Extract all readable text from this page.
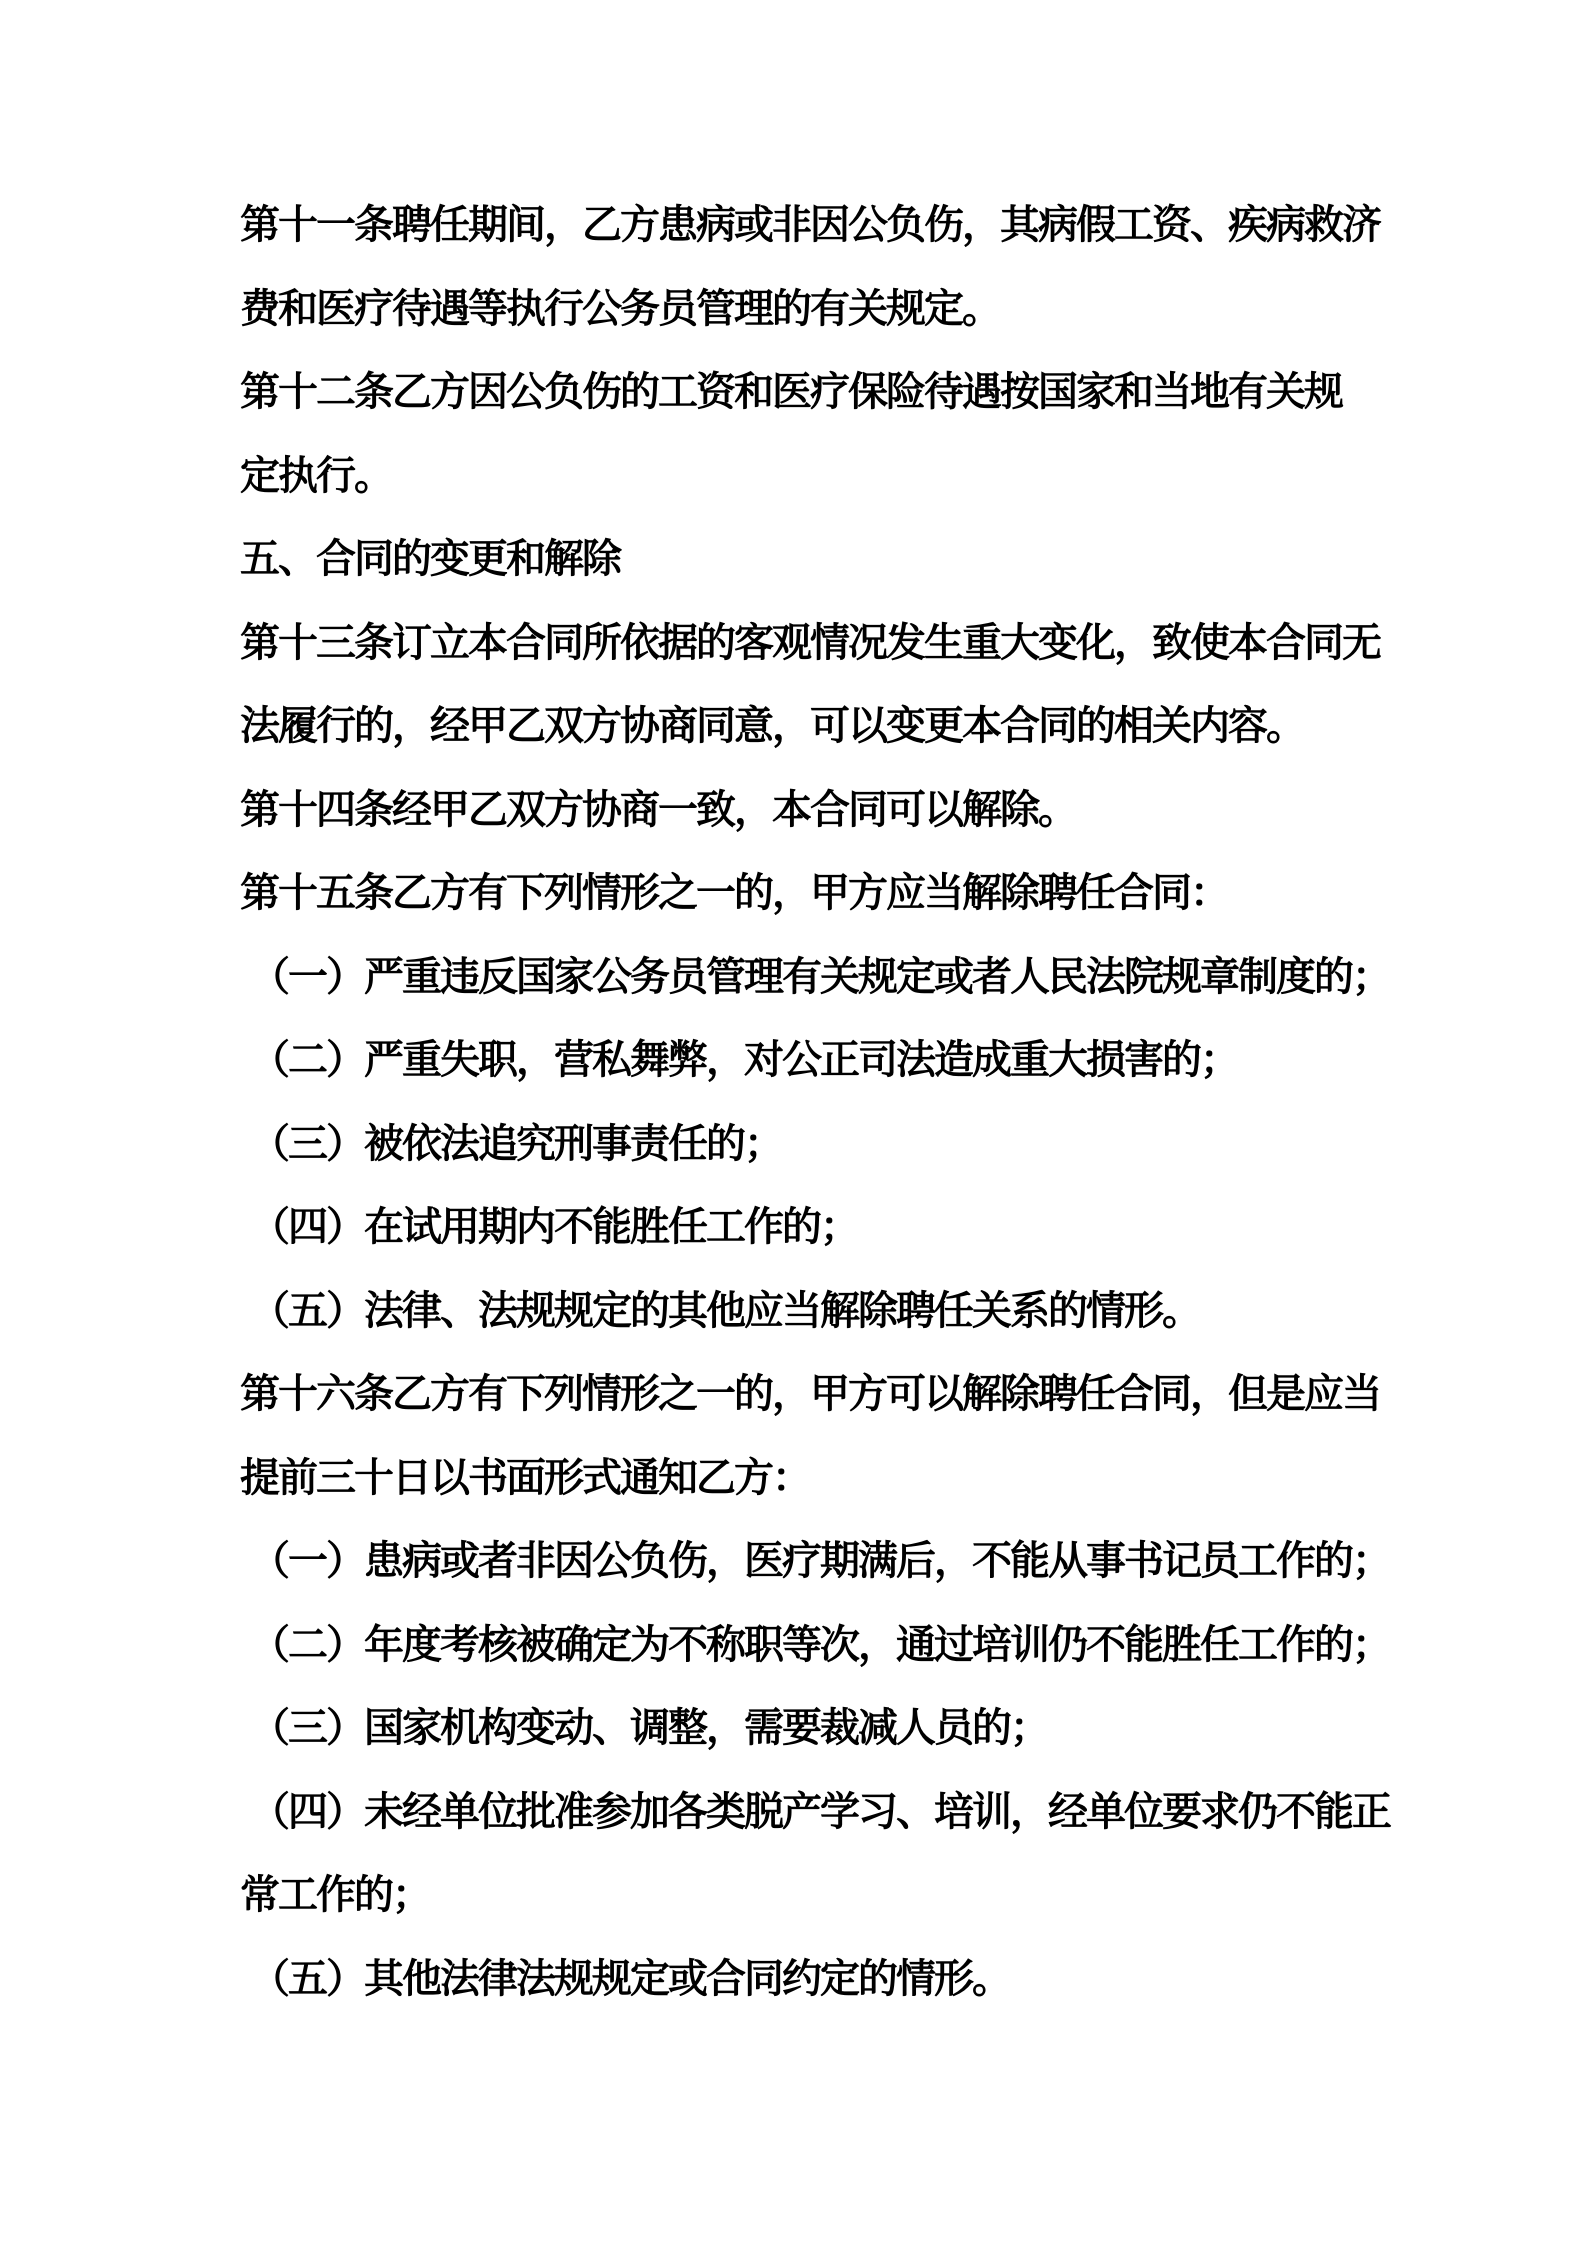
第十一条聘任期间，乙方患病或非因公负伤，其病假工资、疾病救济
费和医疗待遇等执行公务员管理的有关规定。
第十二条乙方因公负伤的工资和医疗保险待遇按国家和当地有关规
定执行。
五、合同的变更和解除
第十三条订立本合同所依据的客观情况发生重大变化，致使本合同无
法履行的，经甲乙双方协商同意，可以变更本合同的相关内容。
第十四条经甲乙双方协商一致，本合同可以解除。
第十五条乙方有下列情形之一的，甲方应当解除聘任合同：
（一）严重违反国家公务员管理有关规定或者人民法院规章制度的；
（二）严重失职，营私舞弊，对公正司法造成重大损害的；
（三）被依法追究刑事责任的；
（四）在试用期内不能胜任工作的；
（五）法律、法规规定的其他应当解除聘任关系的情形。
第十六条乙方有下列情形之一的，甲方可以解除聘任合同，但是应当
提前三十日以书面形式通知乙方：
（一）患病或者非因公负伤，医疗期满后，不能从事书记员工作的；
（二）年度考核被确定为不称职等次，通过培训仍不能胜任工作的；
（三）国家机构变动、调整，需要裁减人员的；
（四）未经单位批准参加各类脱产学习、培训，经单位要求仍不能正
常工作的；
（五）其他法律法规规定或合同约定的情形。
